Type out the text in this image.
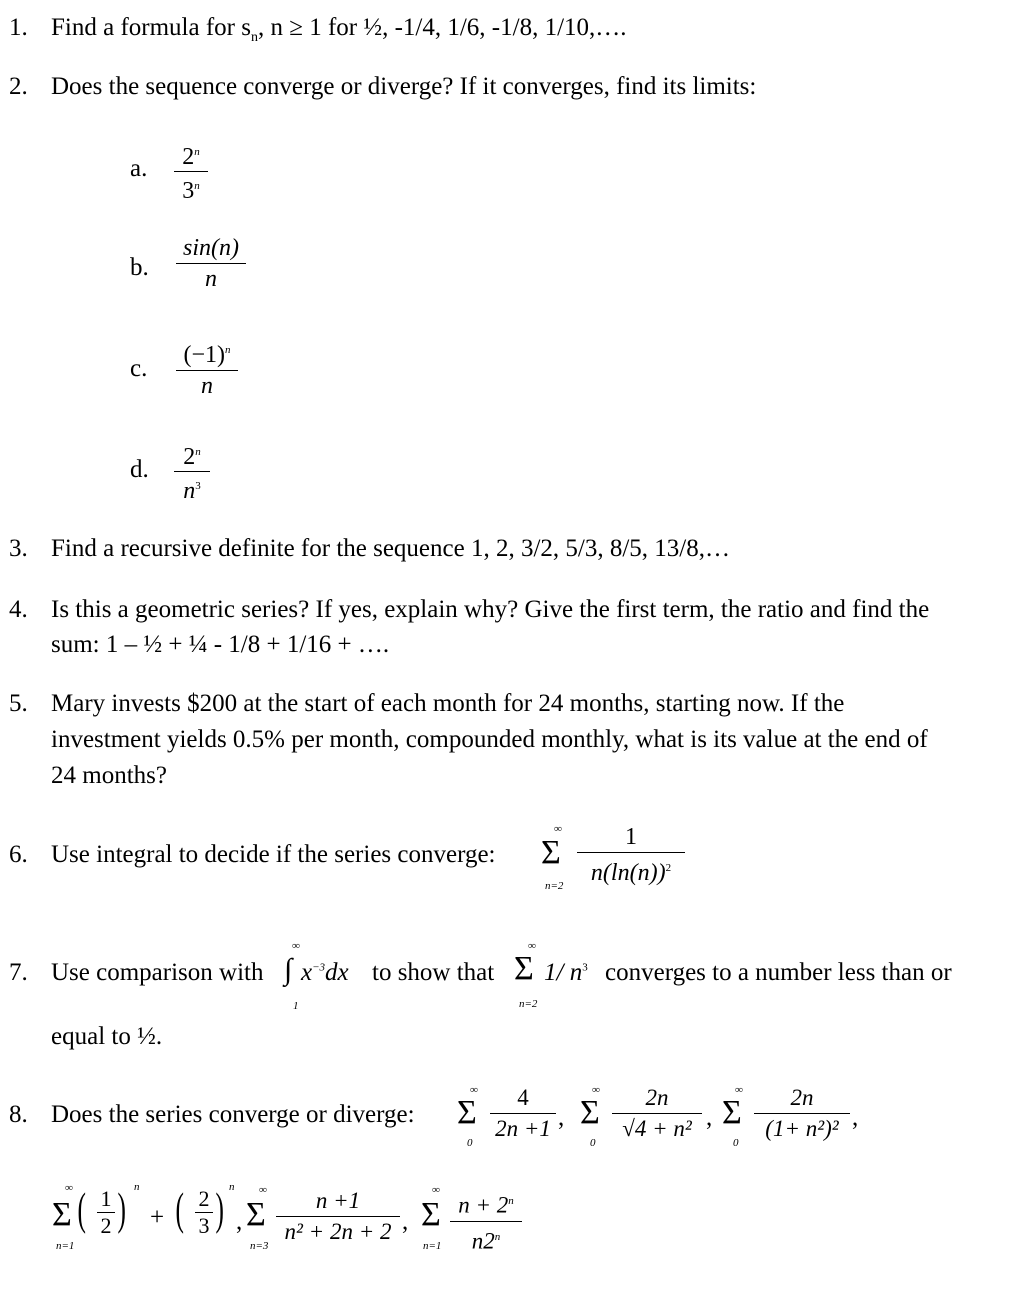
1. Find a formula for $s_n$, n ≥ 1 for ½, -1/4, 1/6, -1/8, 1/10,….
2. Does the sequence converge or diverge? If it converges, find its limits:
a.	2$^n$
3$^n$
b.
sin(n)
n
c.	$(-1)^n$
n
d.	2$^n$
$n^3$
3. Find a recursive definite for the sequence 1, 2, 3/2, 5/3, 8/5, 13/8,…
4. Is this a geometric series? If yes, explain why? Give the first term, the ratio and find the
sum: 1 – ½ + ¼ - 1/8 + 1/16 + ….
5. Mary invests $200 at the start of each month for 24 months, starting now. If the
investment yields 0.5% per month, compounded monthly, what is its value at the end of
24 months?
6. Use integral to decide if the series converge:
∞
Σ
n=2
1
$n(\ln(n))^2$
7. Use comparison with
∞
∫
1
$x^{-3}dx$ to show that
∞
Σ
n=2
1/ $n^3$ converges to a number less than or
equal to ½.
8. Does the series converge or diverge:
∞
Σ
0
4
2n +1 ,
∞
Σ
0
2n
√4 + n² ,
∞
Σ
0
2n
(1+ n²)² ,
∞
Σ
n=1
( 1
2 ) n
+ ( 2
3 ) n
,
∞
Σ
n=3
n +1
n² + 2n + 2 ,
∞
Σ
n=1
$n + 2^n$
n2$^n$
